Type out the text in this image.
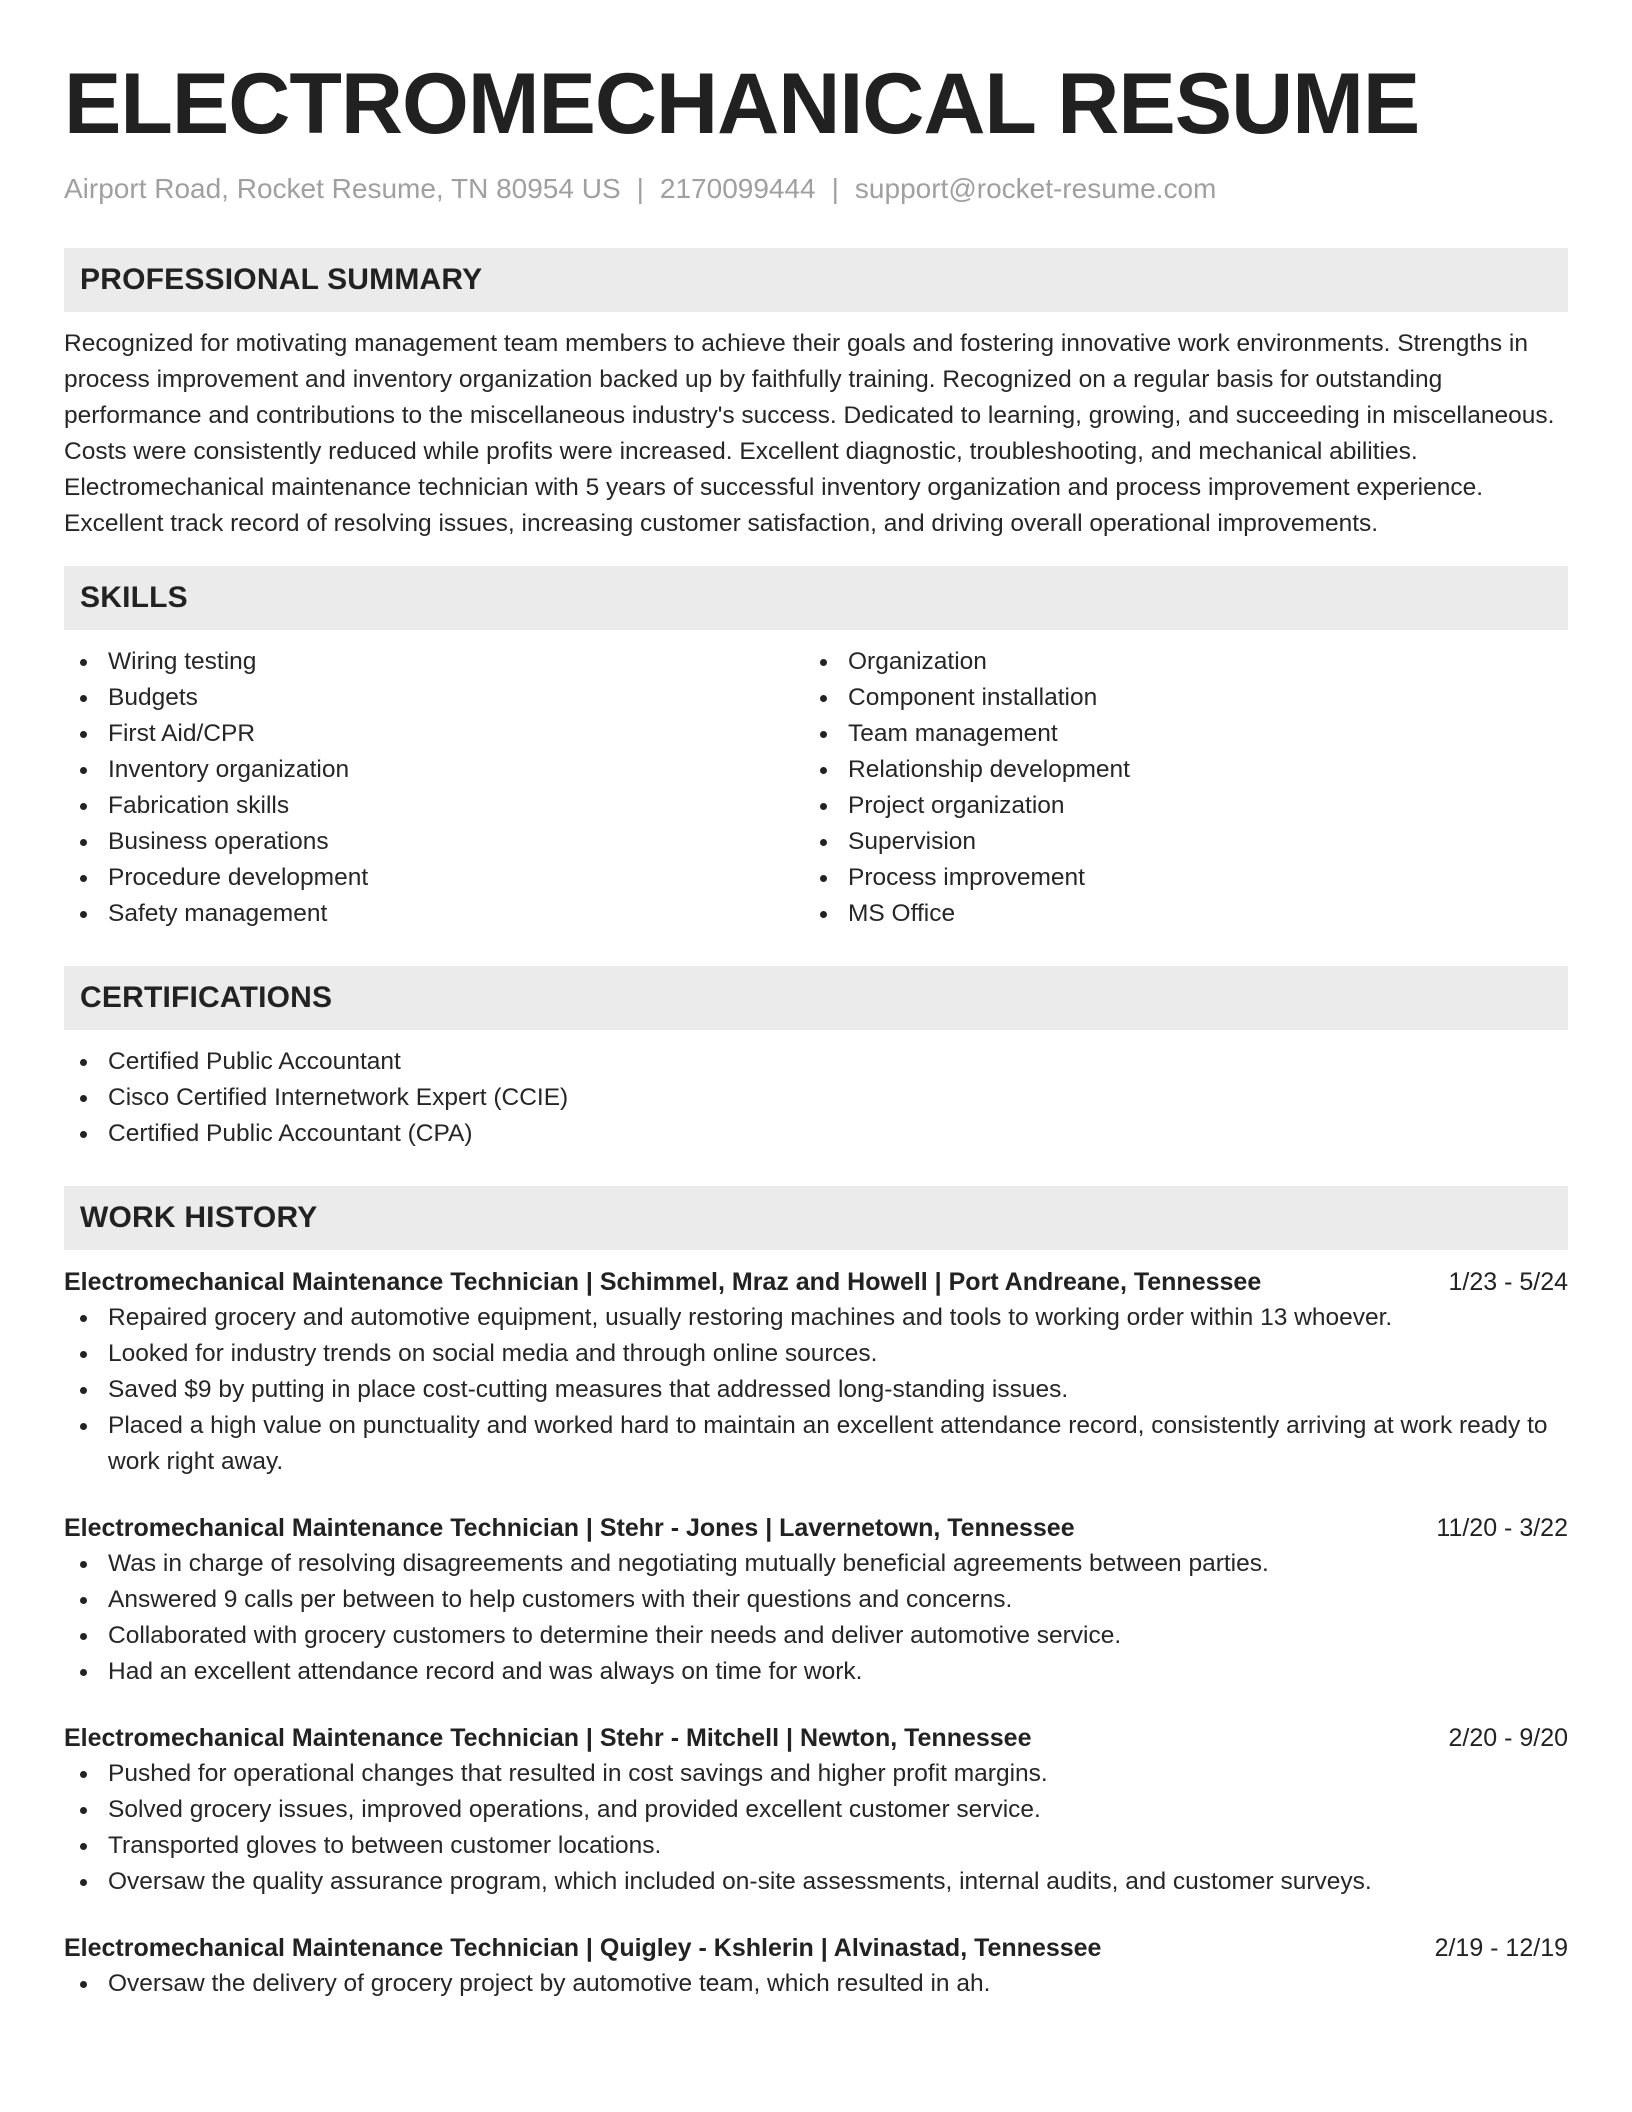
ELECTROMECHANICAL RESUME
Airport Road, Rocket Resume, TN 80954 US | 2170099444 | support@rocket-resume.com
PROFESSIONAL SUMMARY
Recognized for motivating management team members to achieve their goals and fostering innovative work environments. Strengths in process improvement and inventory organization backed up by faithfully training. Recognized on a regular basis for outstanding performance and contributions to the miscellaneous industry's success. Dedicated to learning, growing, and succeeding in miscellaneous. Costs were consistently reduced while profits were increased. Excellent diagnostic, troubleshooting, and mechanical abilities. Electromechanical maintenance technician with 5 years of successful inventory organization and process improvement experience. Excellent track record of resolving issues, increasing customer satisfaction, and driving overall operational improvements.
SKILLS
Wiring testing
Budgets
First Aid/CPR
Inventory organization
Fabrication skills
Business operations
Procedure development
Safety management
Organization
Component installation
Team management
Relationship development
Project organization
Supervision
Process improvement
MS Office
CERTIFICATIONS
Certified Public Accountant
Cisco Certified Internetwork Expert (CCIE)
Certified Public Accountant (CPA)
WORK HISTORY
Electromechanical Maintenance Technician | Schimmel, Mraz and Howell | Port Andreane, Tennessee	1/23 - 5/24
Repaired grocery and automotive equipment, usually restoring machines and tools to working order within 13 whoever.
Looked for industry trends on social media and through online sources.
Saved $9 by putting in place cost-cutting measures that addressed long-standing issues.
Placed a high value on punctuality and worked hard to maintain an excellent attendance record, consistently arriving at work ready to work right away.
Electromechanical Maintenance Technician | Stehr - Jones | Lavernetown, Tennessee	11/20 - 3/22
Was in charge of resolving disagreements and negotiating mutually beneficial agreements between parties.
Answered 9 calls per between to help customers with their questions and concerns.
Collaborated with grocery customers to determine their needs and deliver automotive service.
Had an excellent attendance record and was always on time for work.
Electromechanical Maintenance Technician | Stehr - Mitchell | Newton, Tennessee	2/20 - 9/20
Pushed for operational changes that resulted in cost savings and higher profit margins.
Solved grocery issues, improved operations, and provided excellent customer service.
Transported gloves to between customer locations.
Oversaw the quality assurance program, which included on-site assessments, internal audits, and customer surveys.
Electromechanical Maintenance Technician | Quigley - Kshlerin | Alvinastad, Tennessee	2/19 - 12/19
Oversaw the delivery of grocery project by automotive team, which resulted in ah.
